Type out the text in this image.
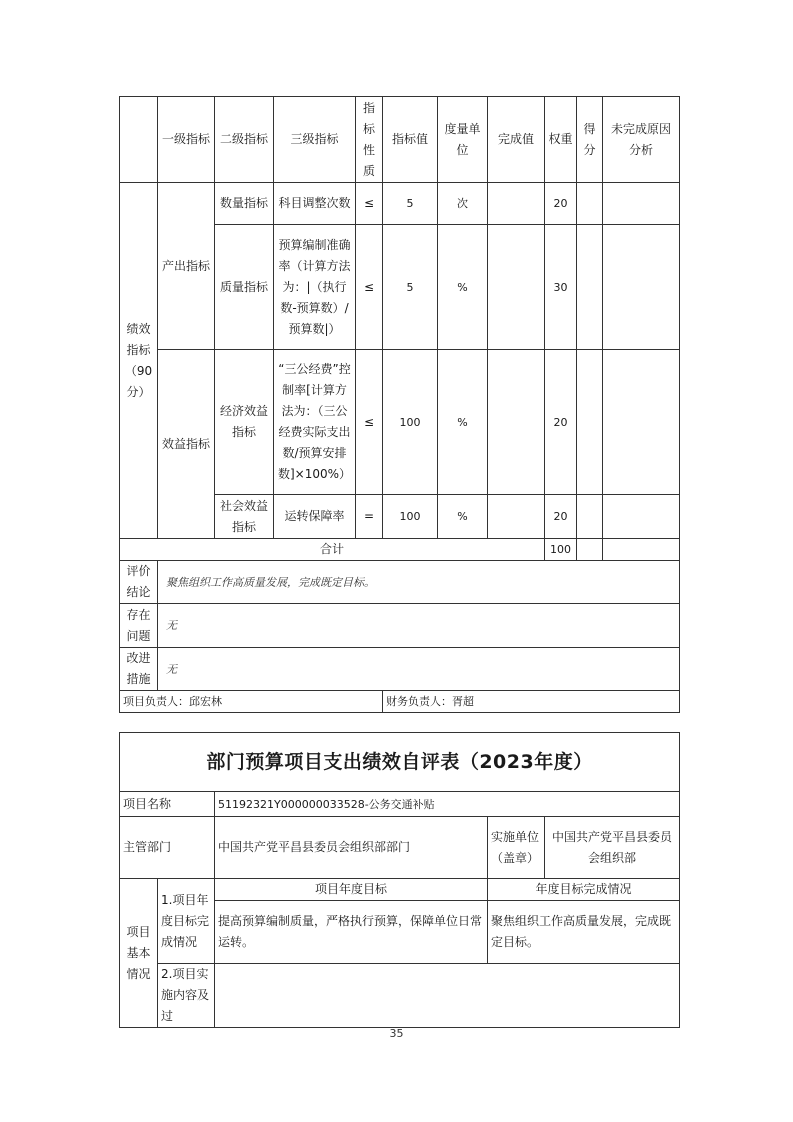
	一级指标	二级指标	三级指标	指标性质	指标值	度量单位	完成值	权重	得分	未完成原因分析
绩效指标（90分）	产出指标	数量指标	科目调整次数	≤	5	次		20		
		质量指标	预算编制准确率（计算方法为：|（执行数-预算数）/预算数|）	≤	5	%		30		
	效益指标	经济效益指标	“三公经费”控制率[计算方法为：（三公经费实际支出数/预算安排数]×100%）	≤	100	%		20		
		社会效益指标	运转保障率	=	100	%		20		
合计								100		
评价结论	聚焦组织工作高质量发展，完成既定目标。									
存在问题	无									
改进措施	无									
项目负责人：邱宏林					财务负责人：胥超					
部门预算项目支出绩效自评表（2023年度）				
项目名称		51192321Y000000033528-公务交通补贴		
主管部门		中国共产党平昌县委员会组织部部门	实施单位（盖章）	中国共产党平昌县委员会组织部
项目基本情况	1.项目年度目标完成情况	项目年度目标	年度目标完成情况	
		提高预算编制质量，严格执行预算，保障单位日常运转。	聚焦组织工作高质量发展，完成既定目标。	
	2.项目实施内容及过			
35
